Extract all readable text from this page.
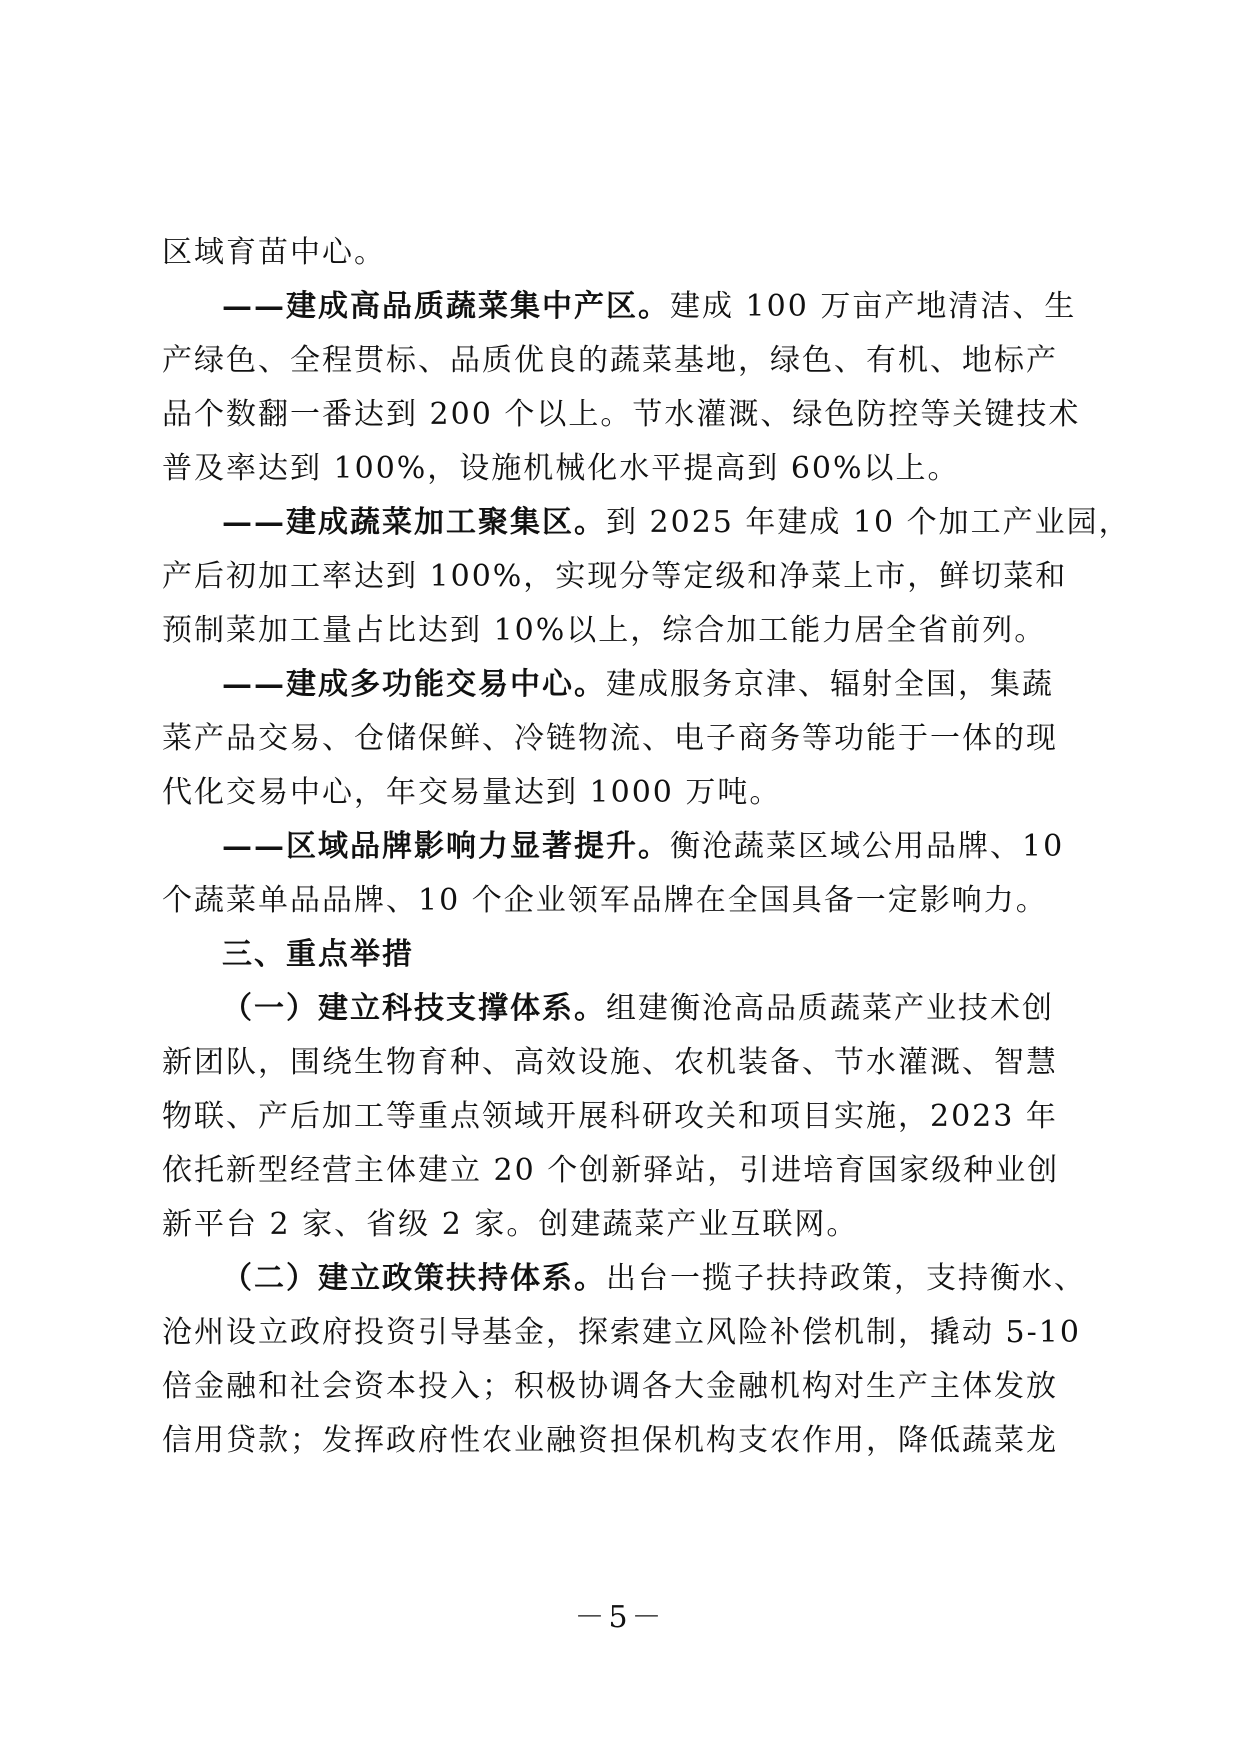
区域育苗中心。
——建成高品质蔬菜集中产区。建成 100 万亩产地清洁、生
产绿色、全程贯标、品质优良的蔬菜基地，绿色、有机、地标产
品个数翻一番达到 200 个以上。节水灌溉、绿色防控等关键技术
普及率达到 100%，设施机械化水平提高到 60%以上。
——建成蔬菜加工聚集区。到 2025 年建成 10 个加工产业园，
产后初加工率达到 100%，实现分等定级和净菜上市，鲜切菜和
预制菜加工量占比达到 10%以上，综合加工能力居全省前列。
——建成多功能交易中心。建成服务京津、辐射全国，集蔬
菜产品交易、仓储保鲜、冷链物流、电子商务等功能于一体的现
代化交易中心，年交易量达到 1000 万吨。
——区域品牌影响力显著提升。衡沧蔬菜区域公用品牌、10
个蔬菜单品品牌、10 个企业领军品牌在全国具备一定影响力。
三、重点举措
（一）建立科技支撑体系。组建衡沧高品质蔬菜产业技术创
新团队，围绕生物育种、高效设施、农机装备、节水灌溉、智慧
物联、产后加工等重点领域开展科研攻关和项目实施，2023 年
依托新型经营主体建立 20 个创新驿站，引进培育国家级种业创
新平台 2 家、省级 2 家。创建蔬菜产业互联网。
（二）建立政策扶持体系。出台一揽子扶持政策，支持衡水、
沧州设立政府投资引导基金，探索建立风险补偿机制，撬动 5-10
倍金融和社会资本投入；积极协调各大金融机构对生产主体发放
信用贷款；发挥政府性农业融资担保机构支农作用，降低蔬菜龙
－5－
